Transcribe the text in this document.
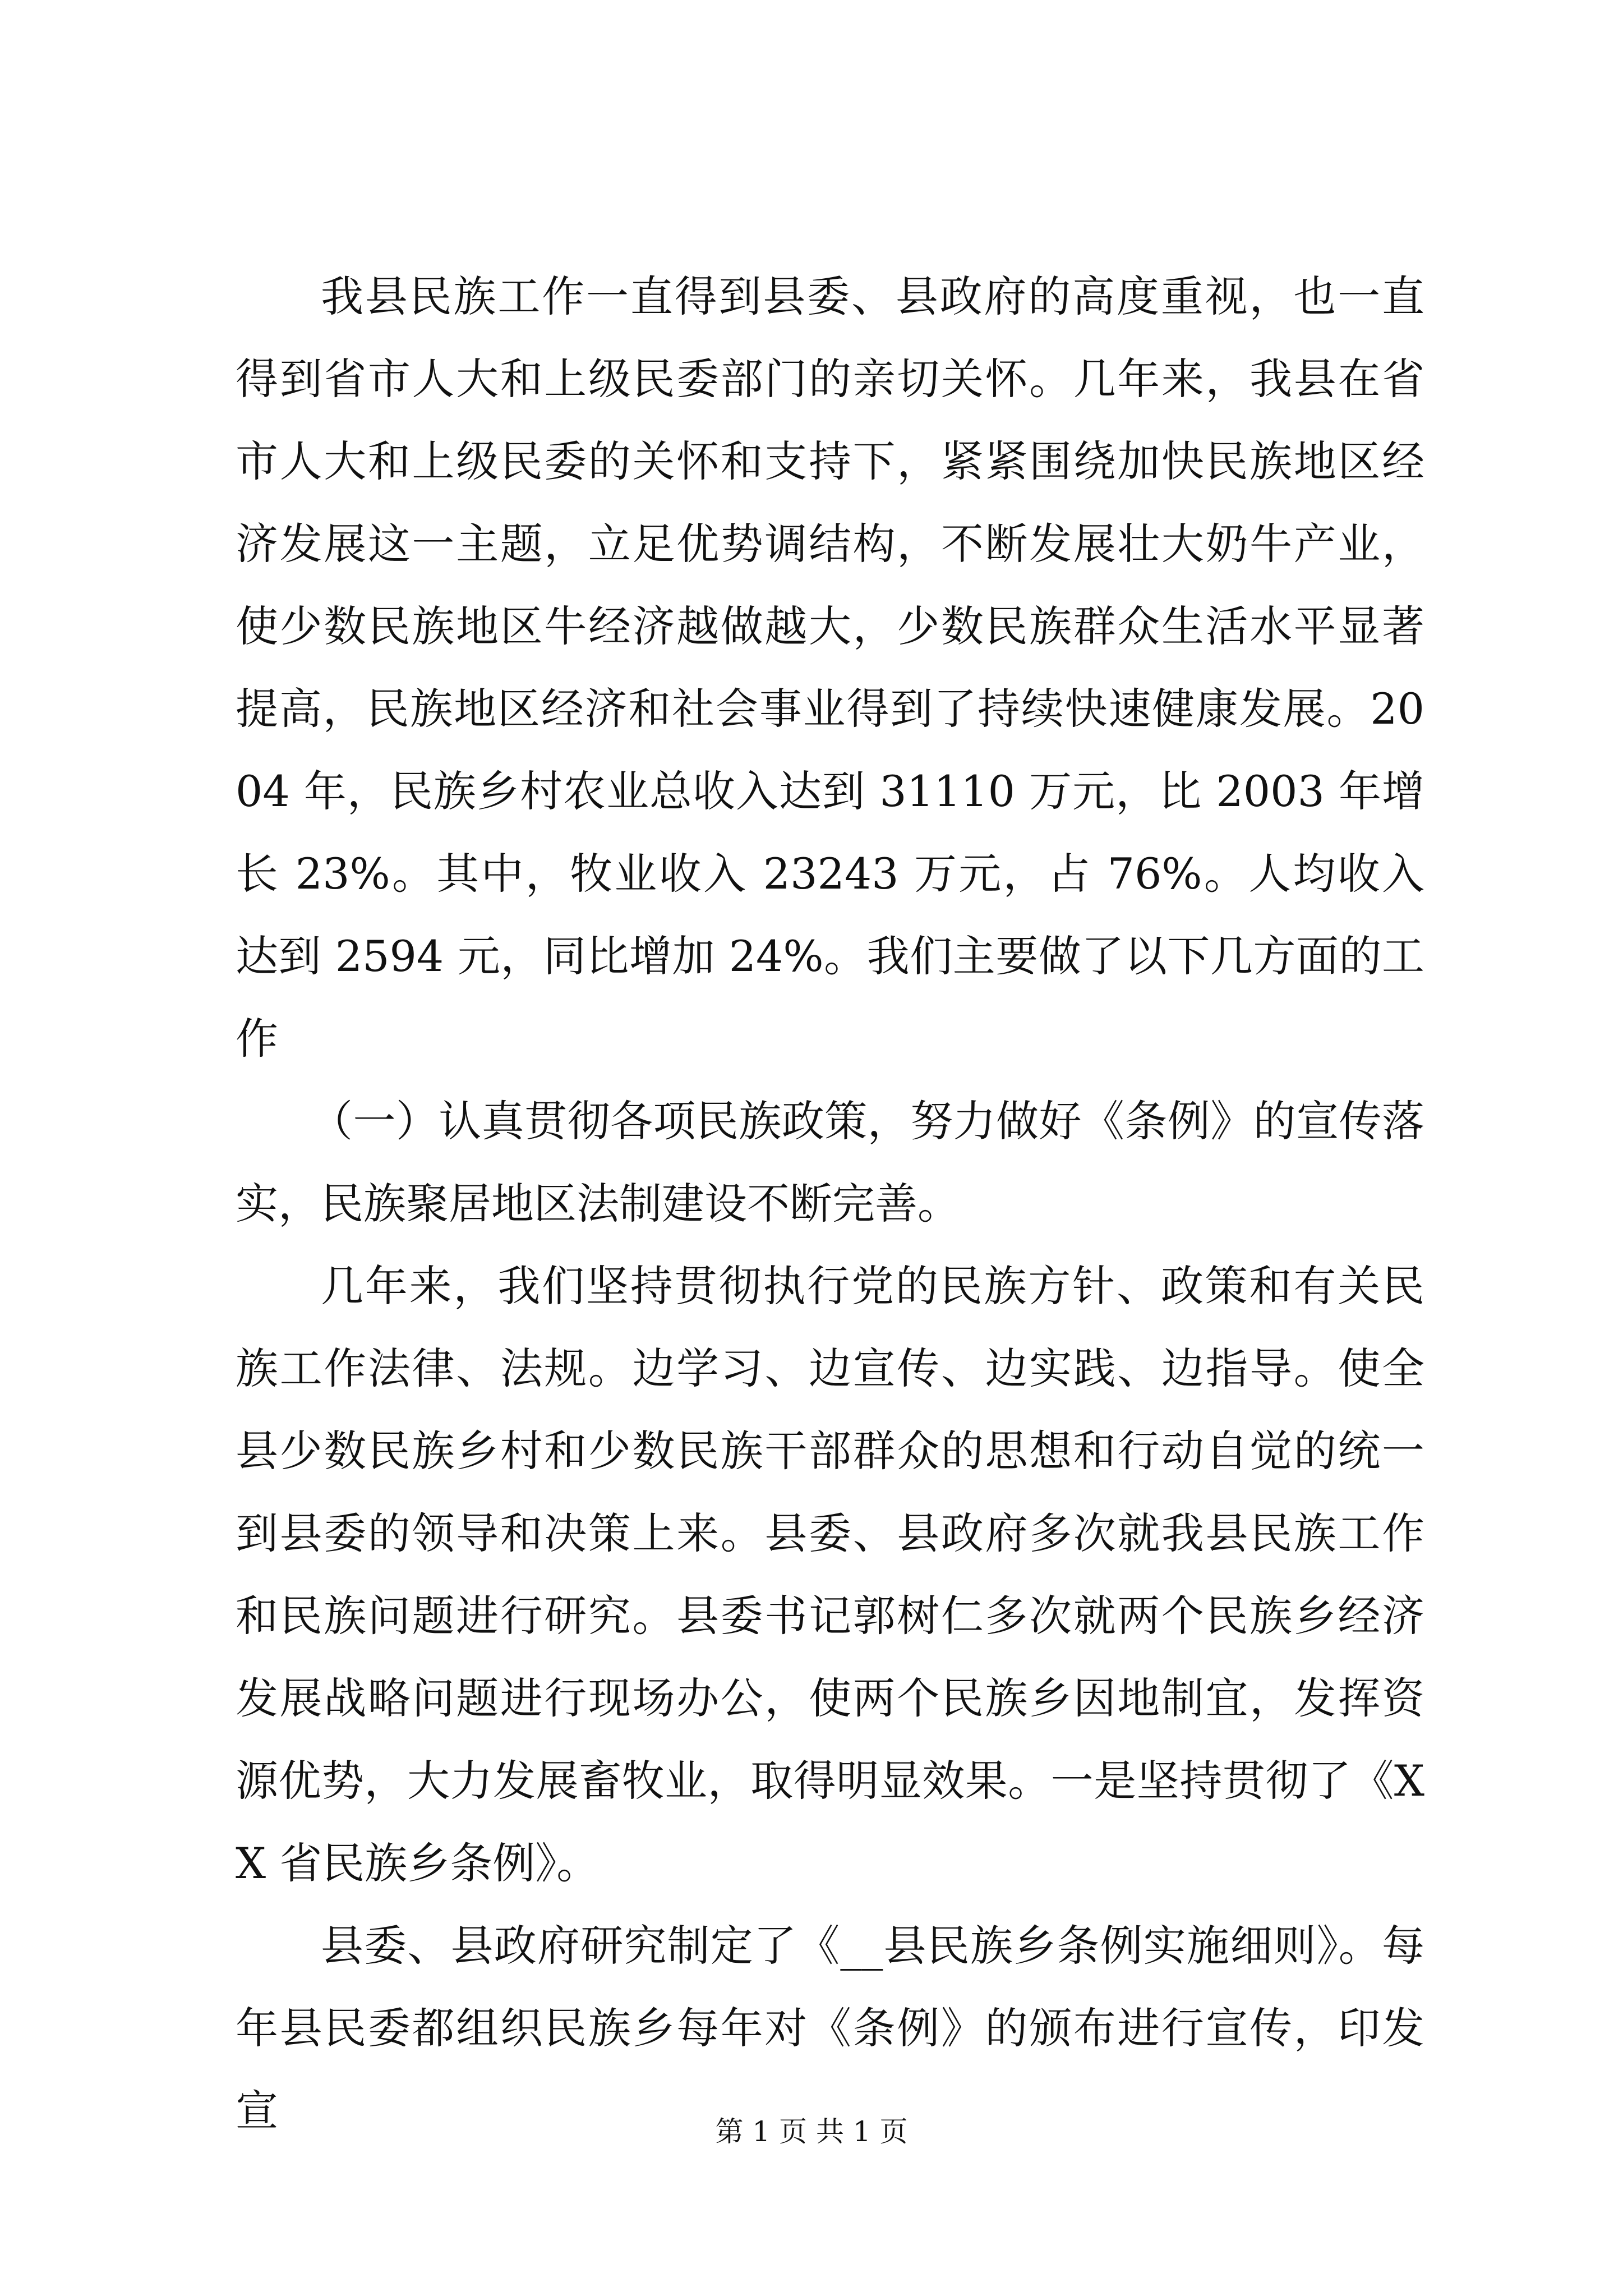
我县民族工作一直得到县委、县政府的高度重视，也一直得到省市人大和上级民委部门的亲切关怀。几年来，我县在省市人大和上级民委的关怀和支持下，紧紧围绕加快民族地区经济发展这一主题，立足优势调结构，不断发展壮大奶牛产业，使少数民族地区牛经济越做越大，少数民族群众生活水平显著提高，民族地区经济和社会事业得到了持续快速健康发展。2004 年，民族乡村农业总收入达到 31110 万元，比 2003 年增长 23%。其中，牧业收入 23243 万元，占 76%。人均收入达到 2594 元，同比增加 24%。我们主要做了以下几方面的工作

（一）认真贯彻各项民族政策，努力做好《条例》的宣传落实，民族聚居地区法制建设不断完善。

几年来，我们坚持贯彻执行党的民族方针、政策和有关民族工作法律、法规。边学习、边宣传、边实践、边指导。使全县少数民族乡村和少数民族干部群众的思想和行动自觉的统一到县委的领导和决策上来。县委、县政府多次就我县民族工作和民族问题进行研究。县委书记郭树仁多次就两个民族乡经济发展战略问题进行现场办公，使两个民族乡因地制宜，发挥资源优势，大力发展畜牧业，取得明显效果。一是坚持贯彻了《XX 省民族乡条例》。

县委、县政府研究制定了《__县民族乡条例实施细则》。每年县民委都组织民族乡每年对《条例》的颁布进行宣传，印发宣	第 1 页 共 1 页
